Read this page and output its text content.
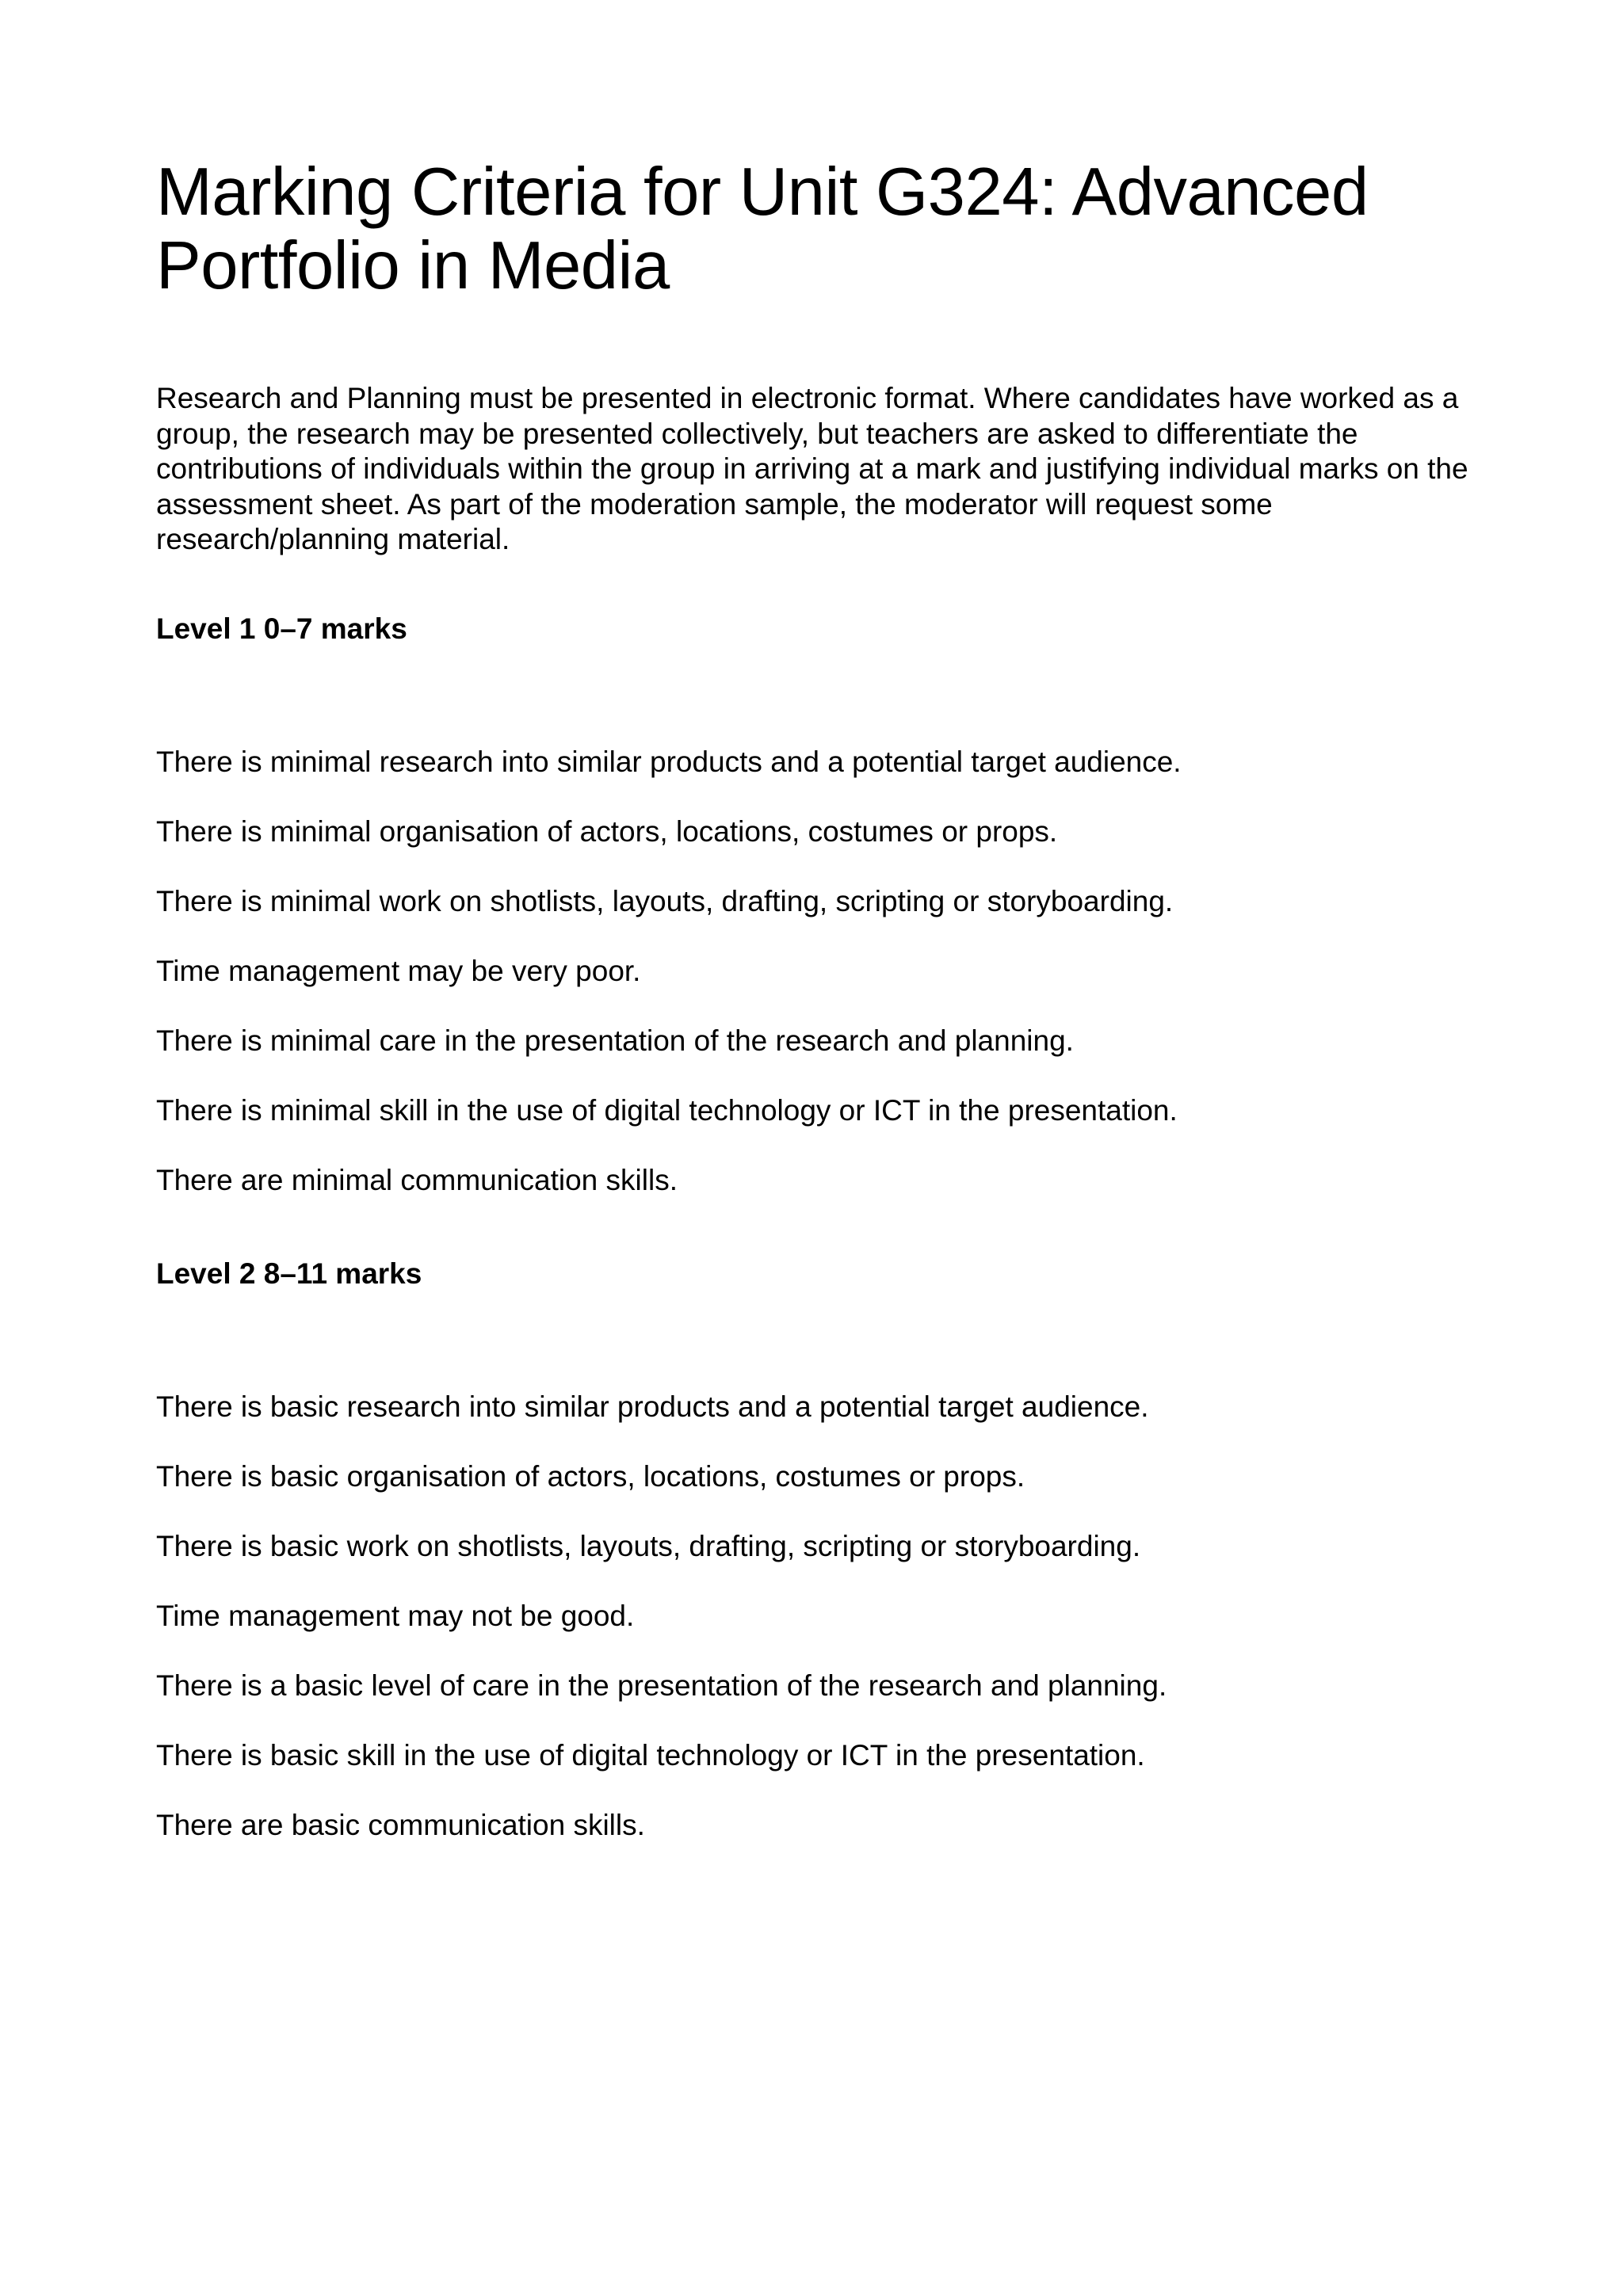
Marking Criteria for Unit G324: Advanced Portfolio in Media

Research and Planning must be presented in electronic format. Where candidates have worked as a group, the research may be presented collectively, but teachers are asked to differentiate the contributions of individuals within the group in arriving at a mark and justifying individual marks on the assessment sheet. As part of the moderation sample, the moderator will request some research/planning material.

Level 1 0–7 marks
There is minimal research into similar products and a potential target audience.
There is minimal organisation of actors, locations, costumes or props.
There is minimal work on shotlists, layouts, drafting, scripting or storyboarding.
Time management may be very poor.
There is minimal care in the presentation of the research and planning.
There is minimal skill in the use of digital technology or ICT in the presentation.
There are minimal communication skills.
Level 2 8–11 marks
There is basic research into similar products and a potential target audience.
There is basic organisation of actors, locations, costumes or props.
There is basic work on shotlists, layouts, drafting, scripting or storyboarding.
Time management may not be good.
There is a basic level of care in the presentation of the research and planning.
There is basic skill in the use of digital technology or ICT in the presentation.
There are basic communication skills.
